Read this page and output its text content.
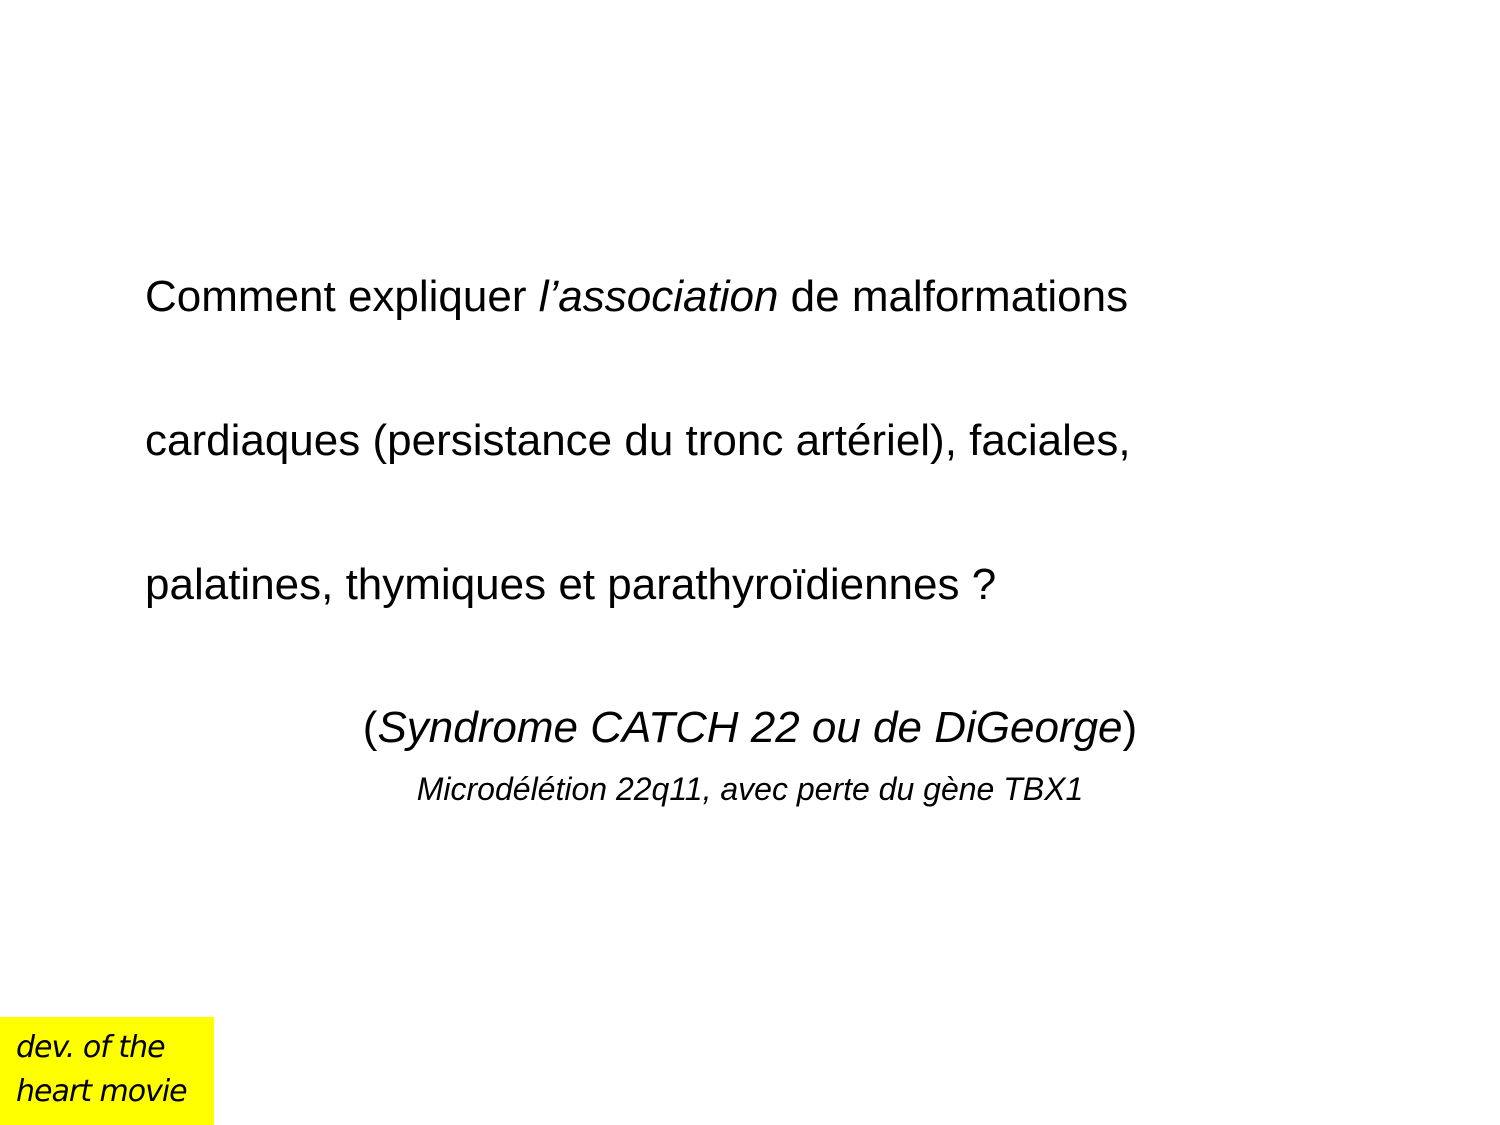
Comment expliquer l’association de malformations
cardiaques (persistance du tronc artériel), faciales,
palatines, thymiques et parathyroïdiennes ?
(Syndrome CATCH 22 ou de DiGeorge)
Microdélétion 22q11, avec perte du gène TBX1
dev. of the
heart movie
